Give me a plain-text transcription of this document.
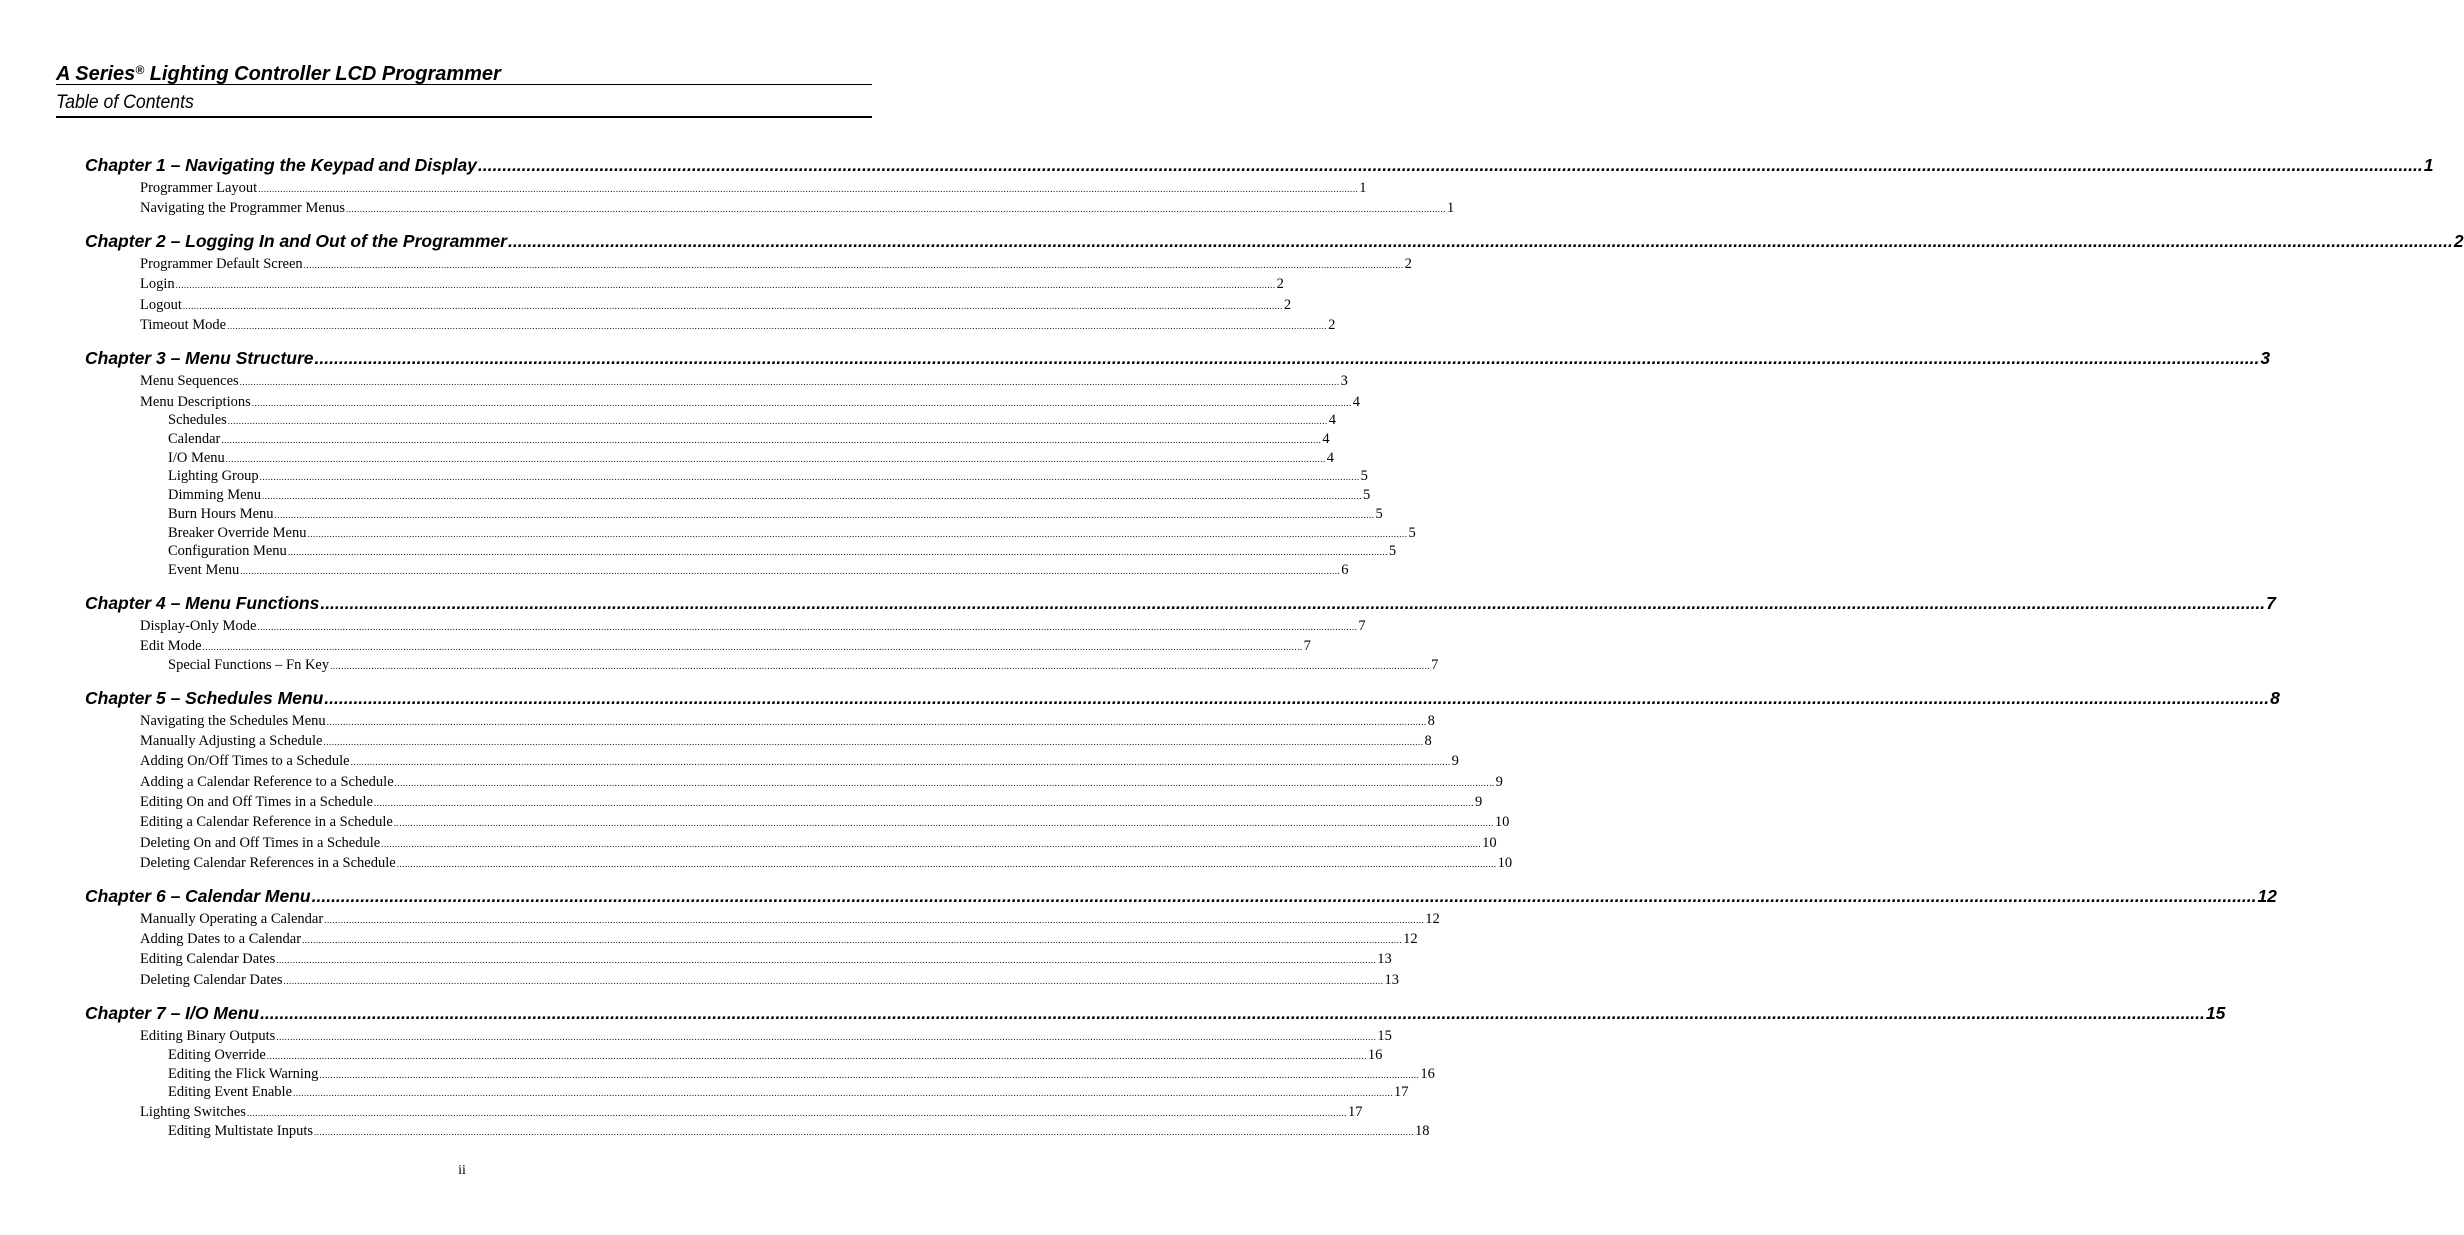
A Series® Lighting Controller LCD Programmer
Table of Contents
Chapter 1 – Navigating the Keypad and Display ................................................................................................................................................................................................................................................................................................................................................................................................................ 1
Programmer Layout ................................................................................................................................................................................................................................................................................................................................................................................................................ 1
Navigating the Programmer Menus ................................................................................................................................................................................................................................................................................................................................................................................................................ 1
Chapter 2 – Logging In and Out of the Programmer ................................................................................................................................................................................................................................................................................................................................................................................................................ 2
Programmer Default Screen ................................................................................................................................................................................................................................................................................................................................................................................................................ 2
Login ................................................................................................................................................................................................................................................................................................................................................................................................................ 2
Logout ................................................................................................................................................................................................................................................................................................................................................................................................................ 2
Timeout Mode ................................................................................................................................................................................................................................................................................................................................................................................................................ 2
Chapter 3 – Menu Structure ................................................................................................................................................................................................................................................................................................................................................................................................................ 3
Menu Sequences ................................................................................................................................................................................................................................................................................................................................................................................................................ 3
Menu Descriptions ................................................................................................................................................................................................................................................................................................................................................................................................................ 4
Schedules ................................................................................................................................................................................................................................................................................................................................................................................................................ 4
Calendar ................................................................................................................................................................................................................................................................................................................................................................................................................ 4
I/O Menu ................................................................................................................................................................................................................................................................................................................................................................................................................ 4
Lighting Group ................................................................................................................................................................................................................................................................................................................................................................................................................ 5
Dimming Menu ................................................................................................................................................................................................................................................................................................................................................................................................................ 5
Burn Hours Menu ................................................................................................................................................................................................................................................................................................................................................................................................................ 5
Breaker Override Menu ................................................................................................................................................................................................................................................................................................................................................................................................................ 5
Configuration Menu ................................................................................................................................................................................................................................................................................................................................................................................................................ 5
Event Menu ................................................................................................................................................................................................................................................................................................................................................................................................................ 6
Chapter 4 – Menu Functions ................................................................................................................................................................................................................................................................................................................................................................................................................ 7
Display-Only Mode ................................................................................................................................................................................................................................................................................................................................................................................................................ 7
Edit Mode ................................................................................................................................................................................................................................................................................................................................................................................................................ 7
Special Functions – Fn Key ................................................................................................................................................................................................................................................................................................................................................................................................................ 7
Chapter 5 – Schedules Menu ................................................................................................................................................................................................................................................................................................................................................................................................................ 8
Navigating the Schedules Menu ................................................................................................................................................................................................................................................................................................................................................................................................................ 8
Manually Adjusting a Schedule ................................................................................................................................................................................................................................................................................................................................................................................................................ 8
Adding On/Off Times to a Schedule ................................................................................................................................................................................................................................................................................................................................................................................................................ 9
Adding a Calendar Reference to a Schedule ................................................................................................................................................................................................................................................................................................................................................................................................................ 9
Editing On and Off Times in a Schedule ................................................................................................................................................................................................................................................................................................................................................................................................................ 9
Editing a Calendar Reference in a Schedule ................................................................................................................................................................................................................................................................................................................................................................................................................ 10
Deleting On and Off Times in a Schedule ................................................................................................................................................................................................................................................................................................................................................................................................................ 10
Deleting Calendar References in a Schedule ................................................................................................................................................................................................................................................................................................................................................................................................................ 10
Chapter 6 – Calendar Menu ................................................................................................................................................................................................................................................................................................................................................................................................................ 12
Manually Operating a Calendar ................................................................................................................................................................................................................................................................................................................................................................................................................ 12
Adding Dates to a Calendar ................................................................................................................................................................................................................................................................................................................................................................................................................ 12
Editing Calendar Dates ................................................................................................................................................................................................................................................................................................................................................................................................................ 13
Deleting Calendar Dates ................................................................................................................................................................................................................................................................................................................................................................................................................ 13
Chapter 7 – I/O Menu ................................................................................................................................................................................................................................................................................................................................................................................................................ 15
Editing Binary Outputs ................................................................................................................................................................................................................................................................................................................................................................................................................ 15
Editing Override ................................................................................................................................................................................................................................................................................................................................................................................................................ 16
Editing the Flick Warning ................................................................................................................................................................................................................................................................................................................................................................................................................ 16
Editing Event Enable ................................................................................................................................................................................................................................................................................................................................................................................................................ 17
Lighting Switches ................................................................................................................................................................................................................................................................................................................................................................................................................ 17
Editing Multistate Inputs ................................................................................................................................................................................................................................................................................................................................................................................................................ 18
ii
